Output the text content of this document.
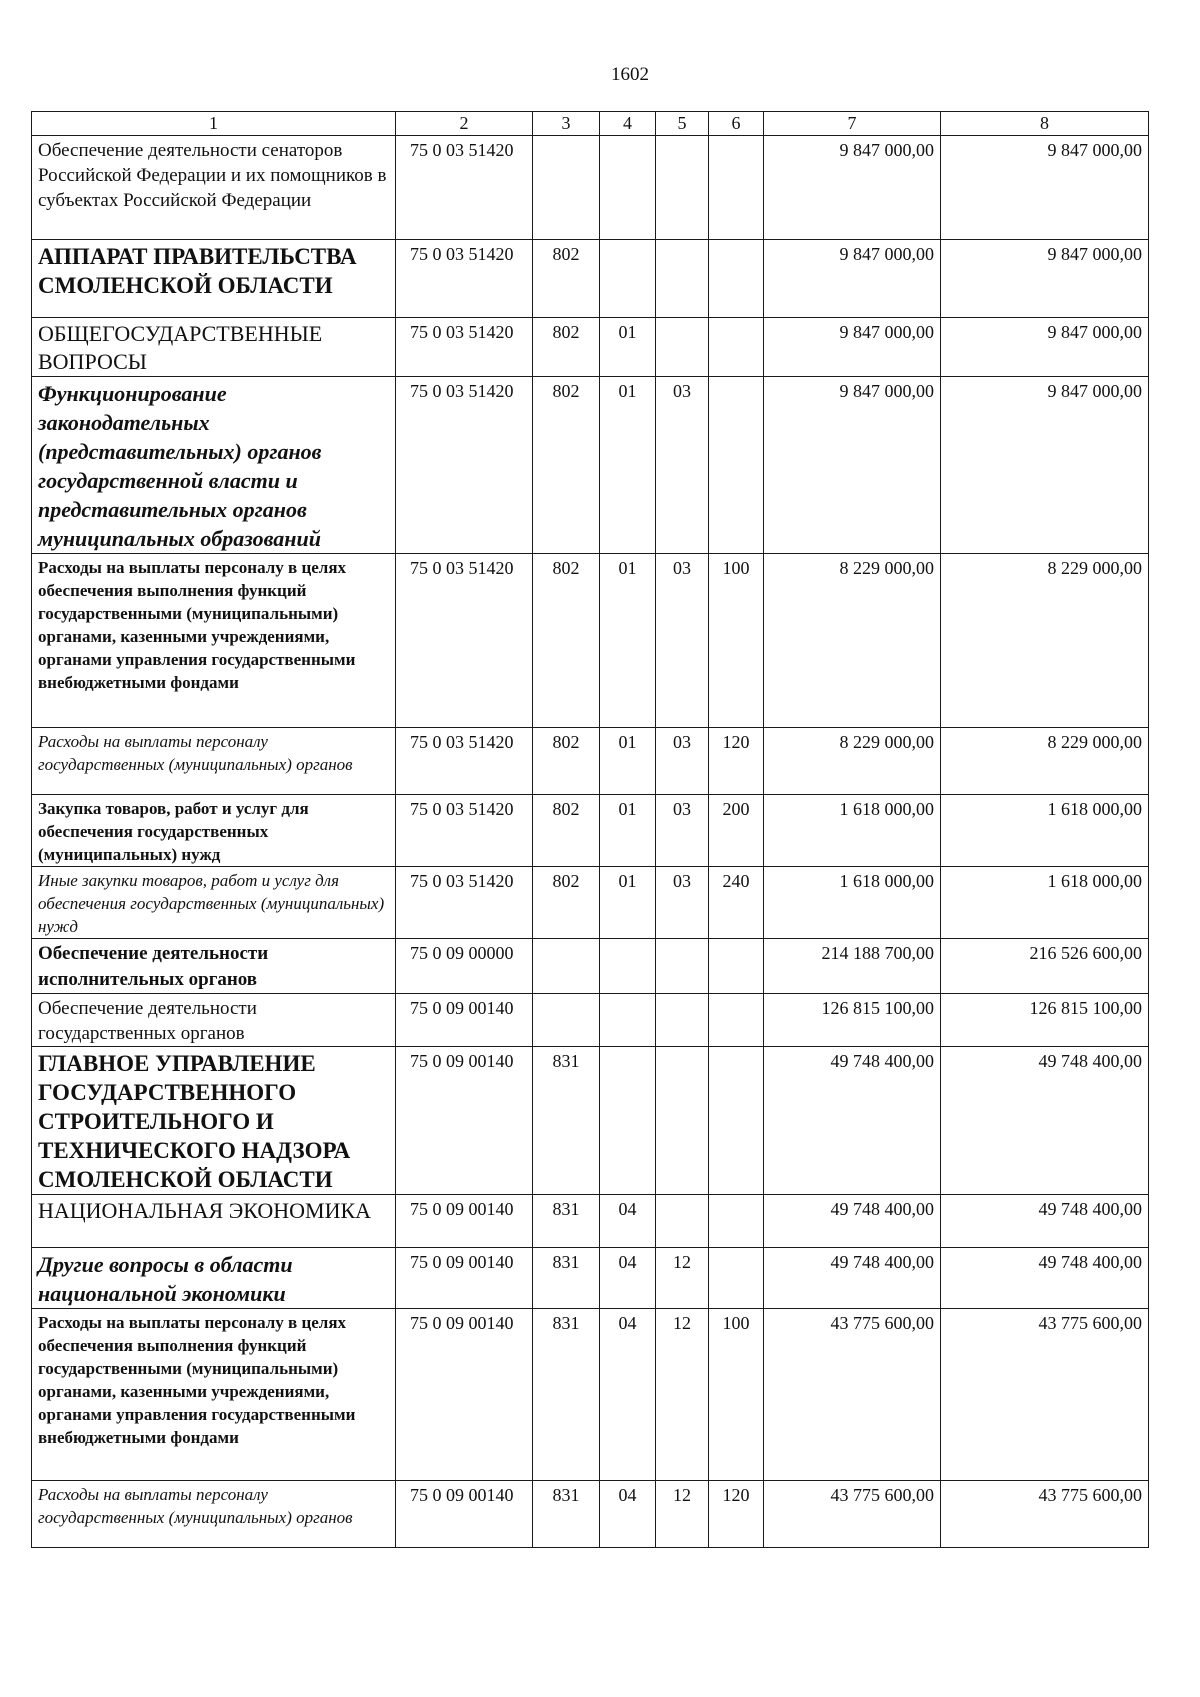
1602
1	2	3	4	5	6	7	8
Обеспечение деятельности сенаторов Российской Федерации и их помощников в субъектах Российской Федерации	75 0 03 51420					9 847 000,00	9 847 000,00
АППАРАТ ПРАВИТЕЛЬСТВА СМОЛЕНСКОЙ ОБЛАСТИ	75 0 03 51420	802				9 847 000,00	9 847 000,00
ОБЩЕГОСУДАРСТВЕННЫЕ ВОПРОСЫ	75 0 03 51420	802	01			9 847 000,00	9 847 000,00
Функционирование законодательных (представительных) органов государственной власти и представительных органов муниципальных образований	75 0 03 51420	802	01	03		9 847 000,00	9 847 000,00
Расходы на выплаты персоналу в целях обеспечения выполнения функций государственными (муниципальными) органами, казенными учреждениями, органами управления государственными внебюджетными фондами	75 0 03 51420	802	01	03	100	8 229 000,00	8 229 000,00
Расходы на выплаты персоналу государственных (муниципальных) органов	75 0 03 51420	802	01	03	120	8 229 000,00	8 229 000,00
Закупка товаров, работ и услуг для обеспечения государственных (муниципальных) нужд	75 0 03 51420	802	01	03	200	1 618 000,00	1 618 000,00
Иные закупки товаров, работ и услуг для обеспечения государственных (муниципальных) нужд	75 0 03 51420	802	01	03	240	1 618 000,00	1 618 000,00
Обеспечение деятельности исполнительных органов	75 0 09 00000					214 188 700,00	216 526 600,00
Обеспечение деятельности государственных органов	75 0 09 00140					126 815 100,00	126 815 100,00
ГЛАВНОЕ УПРАВЛЕНИЕ ГОСУДАРСТВЕННОГО СТРОИТЕЛЬНОГО И ТЕХНИЧЕСКОГО НАДЗОРА СМОЛЕНСКОЙ ОБЛАСТИ	75 0 09 00140	831				49 748 400,00	49 748 400,00
НАЦИОНАЛЬНАЯ ЭКОНОМИКА	75 0 09 00140	831	04			49 748 400,00	49 748 400,00
Другие вопросы в области национальной экономики	75 0 09 00140	831	04	12		49 748 400,00	49 748 400,00
Расходы на выплаты персоналу в целях обеспечения выполнения функций государственными (муниципальными) органами, казенными учреждениями, органами управления государственными внебюджетными фондами	75 0 09 00140	831	04	12	100	43 775 600,00	43 775 600,00
Расходы на выплаты персоналу государственных (муниципальных) органов	75 0 09 00140	831	04	12	120	43 775 600,00	43 775 600,00
